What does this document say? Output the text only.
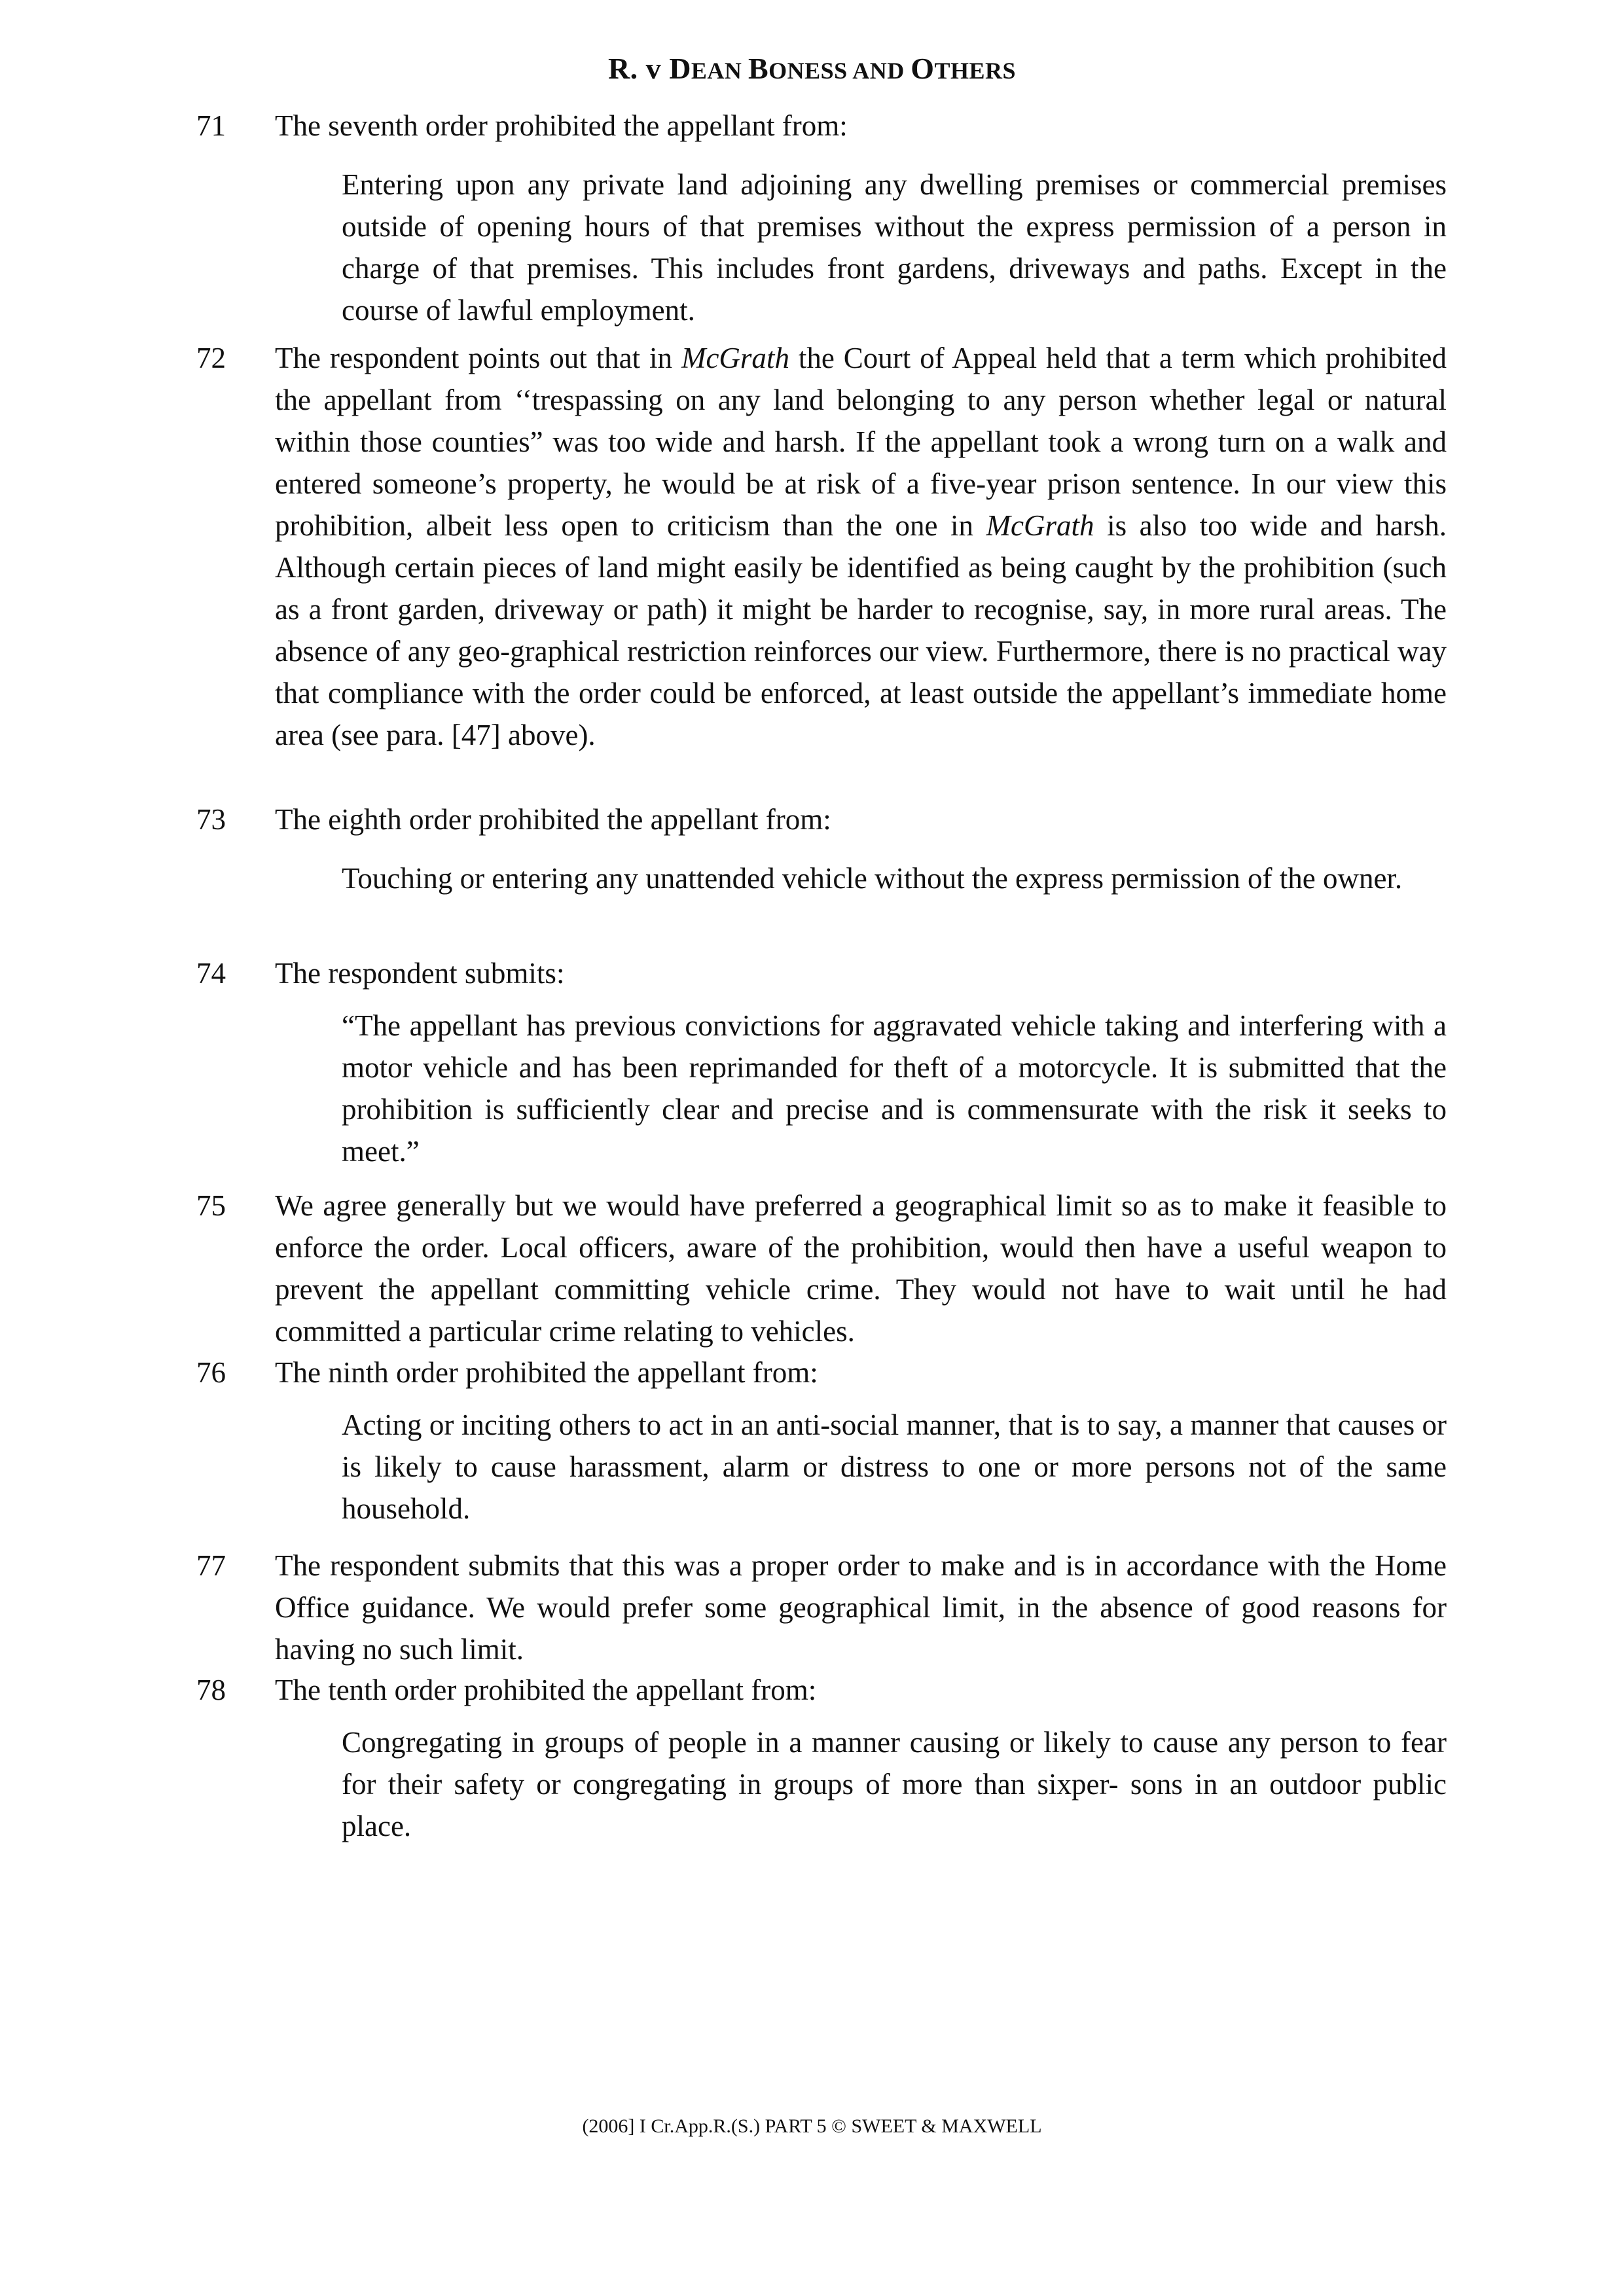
R. v DEAN BONESS AND OTHERS
71 The seventh order prohibited the appellant from:
Entering upon any private land adjoining any dwelling premises or commercial premises outside of opening hours of that premises without the express permission of a person in charge of that premises. This includes front gardens, driveways and paths. Except in the course of lawful employment.
72 The respondent points out that in McGrath the Court of Appeal held that a term which prohibited the appellant from ‘‘trespassing on any land belonging to any person whether legal or natural within those counties” was too wide and harsh. If the appellant took a wrong turn on a walk and entered someone’s property, he would be at risk of a five-year prison sentence. In our view this prohibition, albeit less open to criticism than the one in McGrath is also too wide and harsh. Although certain pieces of land might easily be identified as being caught by the prohibition (such as a front garden, driveway or path) it might be harder to recognise, say, in more rural areas. The absence of any geo-graphical restriction reinforces our view. Furthermore, there is no practical way that compliance with the order could be enforced, at least outside the appellant’s immediate home area (see para. [47] above).
73 The eighth order prohibited the appellant from:
Touching or entering any unattended vehicle without the express permission of the owner.
74 The respondent submits:
“The appellant has previous convictions for aggravated vehicle taking and interfering with a motor vehicle and has been reprimanded for theft of a motorcycle. It is submitted that the prohibition is sufficiently clear and precise and is commensurate with the risk it seeks to meet.”
75 We agree generally but we would have preferred a geographical limit so as to make it feasible to enforce the order. Local officers, aware of the prohibition, would then have a useful weapon to prevent the appellant committing vehicle crime. They would not have to wait until he had committed a particular crime relating to vehicles.
76 The ninth order prohibited the appellant from:
Acting or inciting others to act in an anti-social manner, that is to say, a manner that causes or is likely to cause harassment, alarm or distress to one or more persons not of the same household.
77 The respondent submits that this was a proper order to make and is in accordance with the Home Office guidance. We would prefer some geographical limit, in the absence of good reasons for having no such limit.
78 The tenth order prohibited the appellant from:
Congregating in groups of people in a manner causing or likely to cause any person to fear for their safety or congregating in groups of more than sixper- sons in an outdoor public place.
(2006] I Cr.App.R.(S.) PART 5 © SWEET & MAXWELL
